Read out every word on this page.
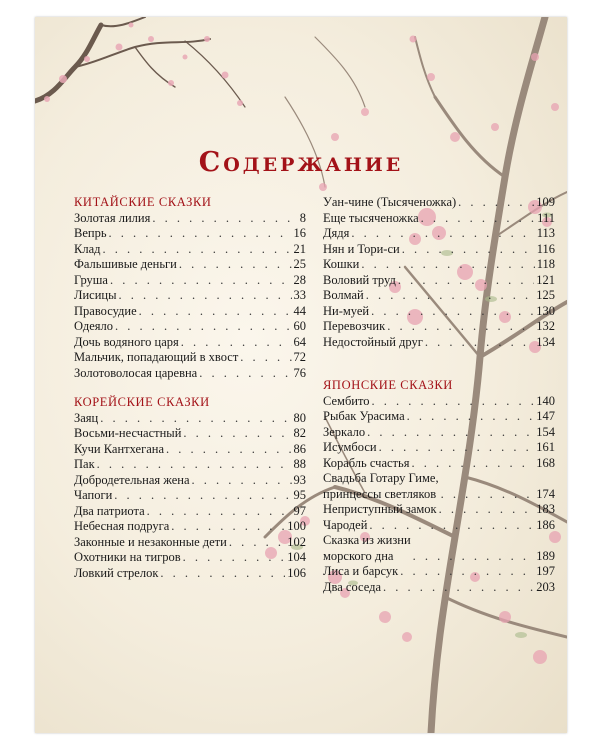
Содержание
КИТАЙСКИЕ СКАЗКИ
Золотая лилия . . .	8
Вепрь . . .	16
Клад . . .	21
Фальшивые деньги . . .	25
Груша . . .	28
Лисицы . . .	33
Правосудие . . .	44
Одеяло . . .	60
Дочь водяного царя . . .	64
Мальчик, попадающий в хвост . . .	72
Золотоволосая царевна . . .	76
КОРЕЙСКИЕ СКАЗКИ
Заяц . . .	80
Восьми-несчастный . . .	82
Кучи Кантхегана . . .	86
Пак . . .	88
Добродетельная жена . . .	93
Чапоги . . .	95
Два патриота . . .	97
Небесная подруга . . .	100
Законные и незаконные дети . . .	102
Охотники на тигров . . .	104
Ловкий стрелок . . .	106
Уан-чине (Тысяченожка) . . .	109
Еще тысяченожка . . .	111
Дядя . . .	113
Нян и Тори-си . . .	116
Кошки . . .	118
Воловий труд . . .	121
Волмай . . .	125
Ни-муей . . .	130
Перевозчик . . .	132
Недостойный друг . . .	134
ЯПОНСКИЕ СКАЗКИ
Сембито . . .	140
Рыбак Урасима . . .	147
Зеркало . . .	154
Исумбоси . . .	161
Корабль счастья . . .	168
Свадьба Готару Гиме,
принцессы светляков . . .	174
Неприступный замок . . .	183
Чародей . . .	186
Сказка из жизни
морского дна . . .	189
Лиса и барсук . . .	197
Два соседа . . .	203
